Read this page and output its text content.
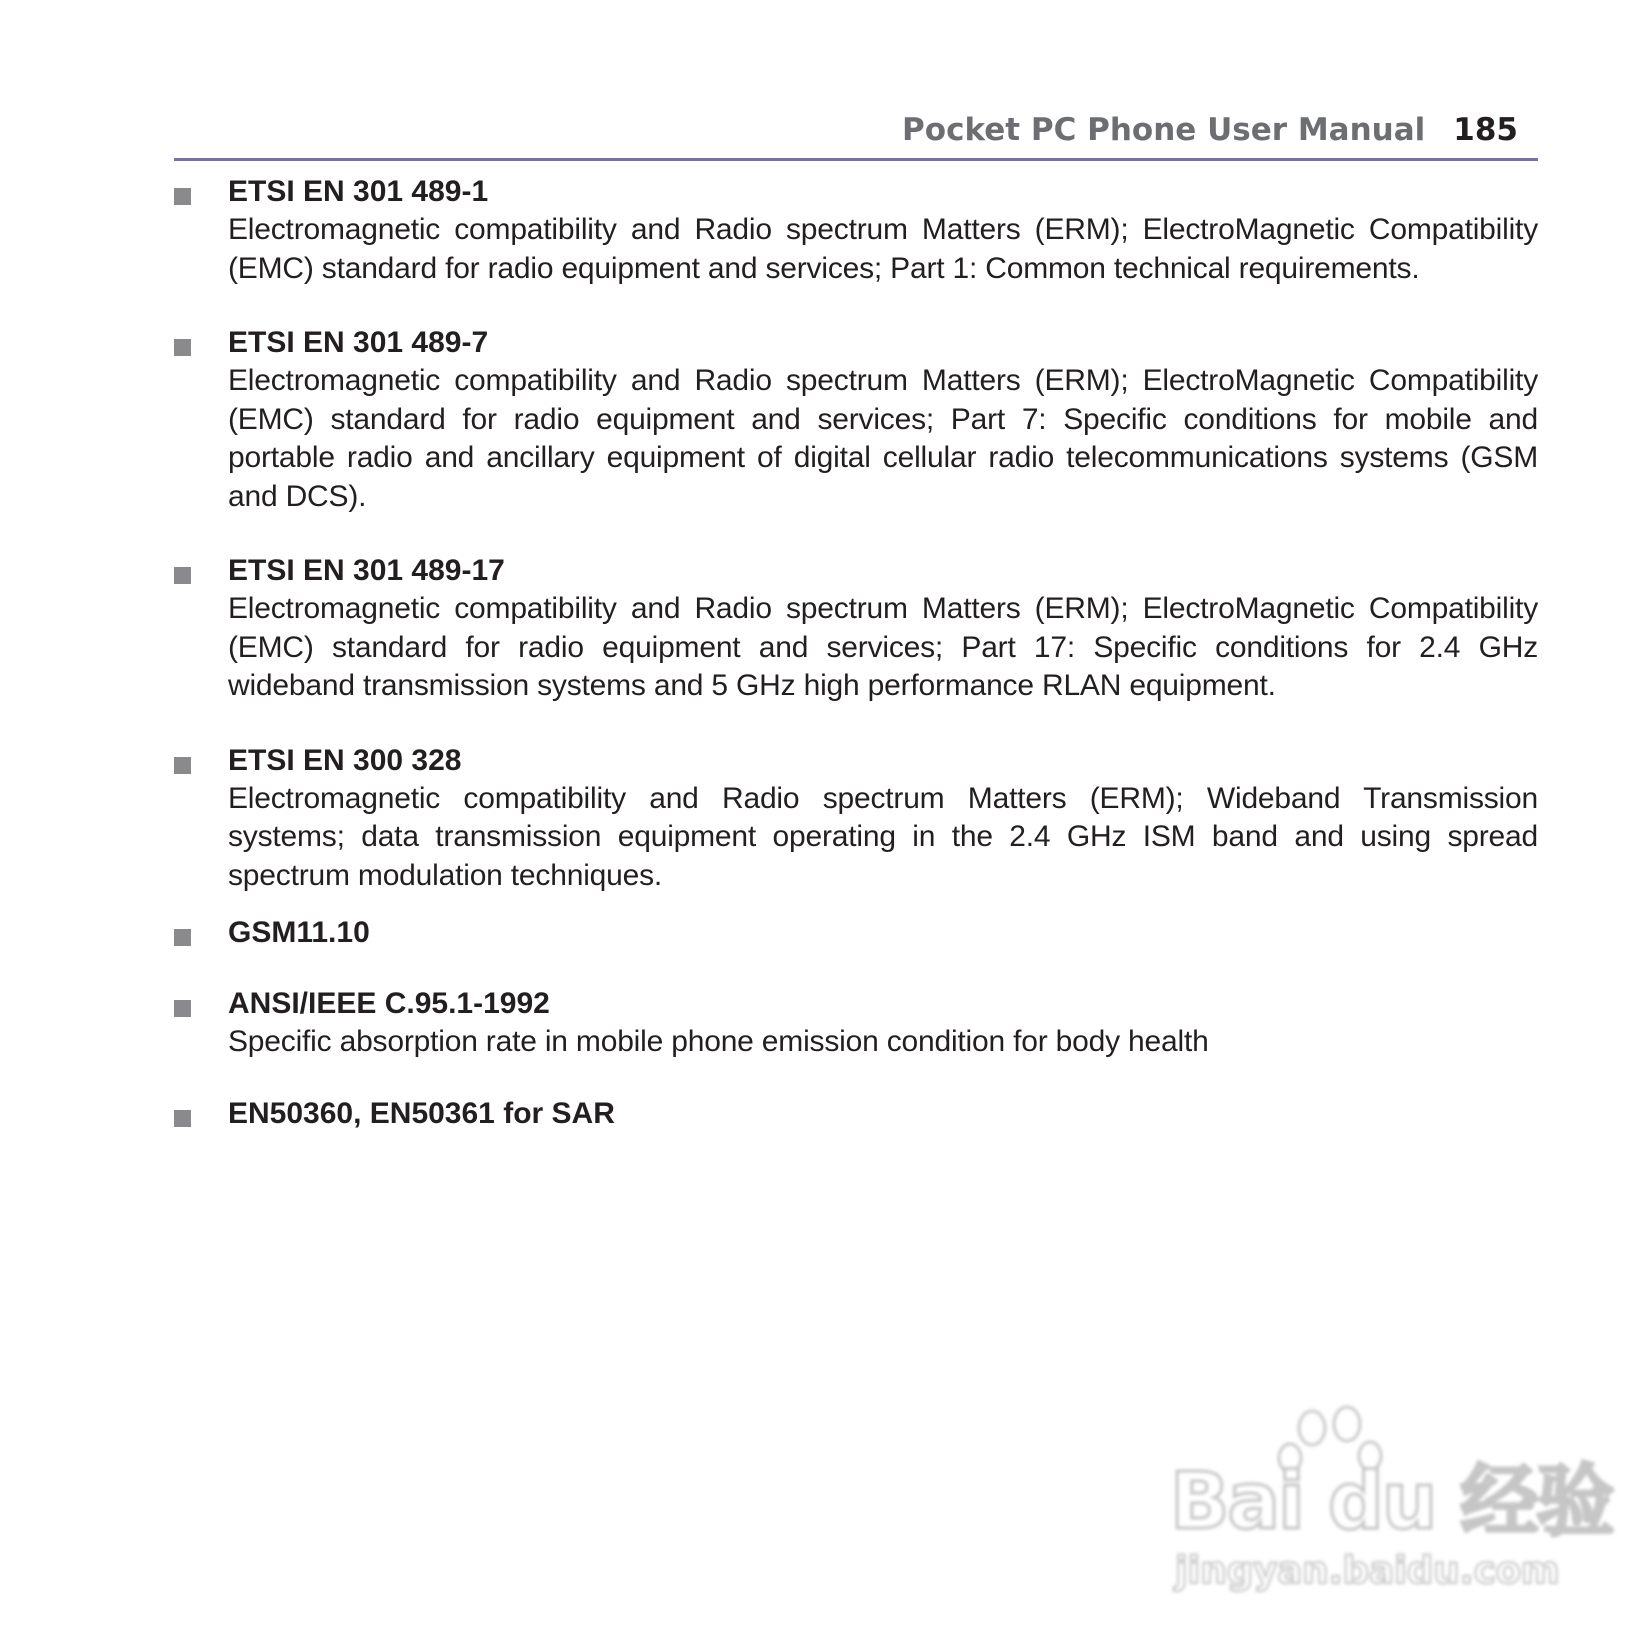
Pocket PC Phone User Manual 185
ETSI EN 301 489-1
Electromagnetic compatibility and Radio spectrum Matters (ERM); ElectroMagnetic Compatibility (EMC) standard for radio equipment and services; Part 1: Common technical requirements.
ETSI EN 301 489-7
Electromagnetic compatibility and Radio spectrum Matters (ERM); ElectroMagnetic Compatibility (EMC) standard for radio equipment and services; Part 7: Specific conditions for mobile and portable radio and ancillary equipment of digital cellular radio telecommunications systems (GSM and DCS).
ETSI EN 301 489-17
Electromagnetic compatibility and Radio spectrum Matters (ERM); ElectroMagnetic Compatibility (EMC) standard for radio equipment and services; Part 17: Specific conditions for 2.4 GHz wideband transmission systems and 5 GHz high performance RLAN equipment.
ETSI EN 300 328
Electromagnetic compatibility and Radio spectrum Matters (ERM); Wideband Transmission systems; data transmission equipment operating in the 2.4 GHz ISM band and using spread spectrum modulation techniques.
GSM11.10
ANSI/IEEE C.95.1-1992
Specific absorption rate in mobile phone emission condition for body health
EN50360, EN50361 for SAR
Bai du 经验
jingyan.baidu.com
